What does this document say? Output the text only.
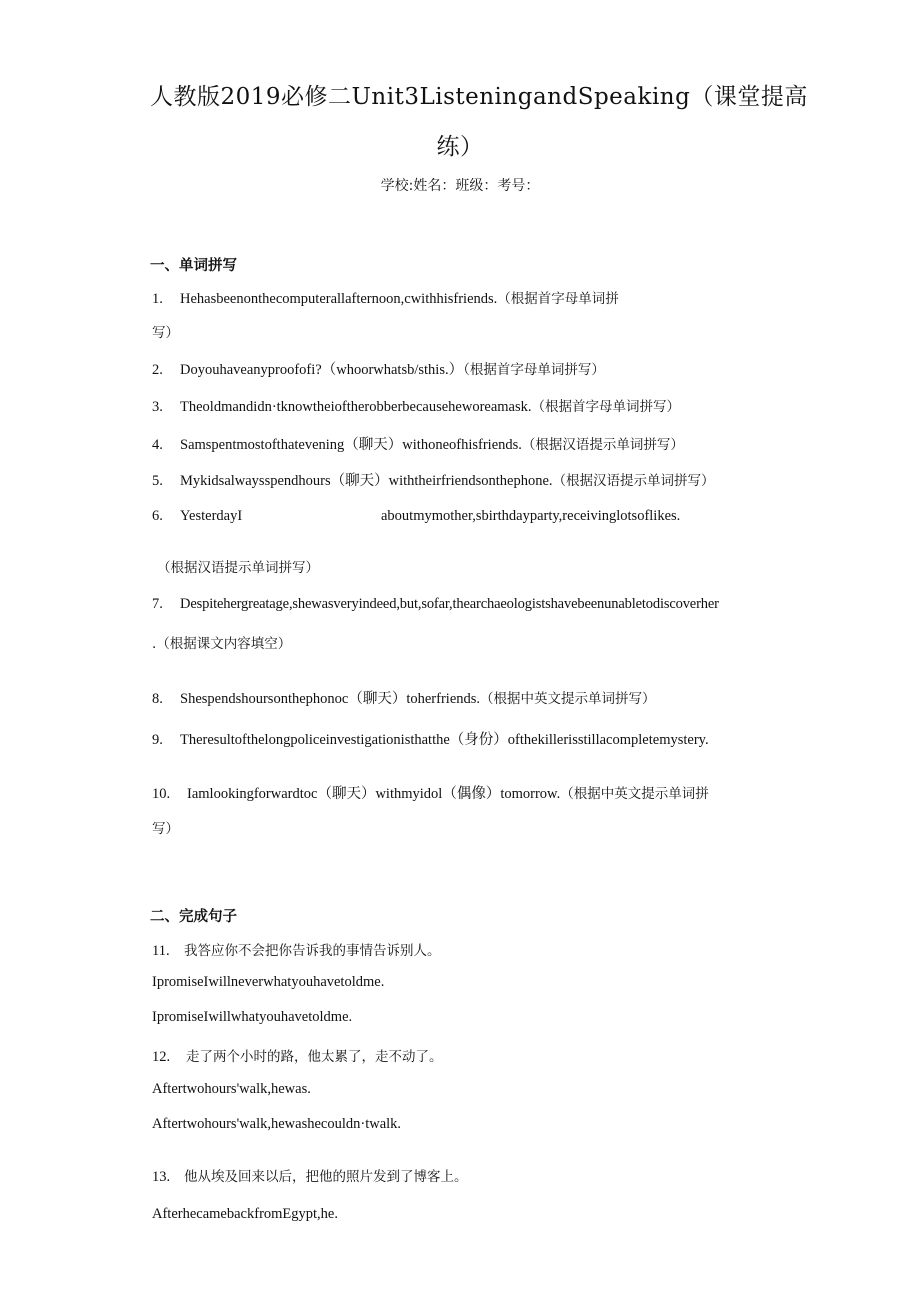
人教版2019必修二Unit3ListeningandSpeaking（课堂提高
练）
学校:姓名：班级：考号：
一、单词拼写
1. Hehasbeenonthecomputerallafternoon,cwithhisfriends.（根据首字母单词拼
写）
2. Doyouhaveanyproofofi?（whoorwhatsb/sthis.）（根据首字母单词拼写）
3. Theoldmandidn·tknowtheioftherobberbecauseheworeamask.（根据首字母单词拼写）
4. Samspentmostofthatevening（聊天）withoneofhisfriends.（根据汉语提示单词拼写）
5. Mykidsalwaysspendhours（聊天）withtheirfriendsonthephone.（根据汉语提示单词拼写）
6. YesterdayI	aboutmymother,sbirthdayparty,receivinglotsoflikes.
（根据汉语提示单词拼写）
7. Despitehergreatage,shewasveryindeed,but,sofar,thearchaeologistshavebeenunabletodiscoverher
.（根据课文内容填空）
8. Shespendshoursonthephonoc（聊天）toherfriends.（根据中英文提示单词拼写）
9. Theresultofthelongpoliceinvestigationisthatthe（身份）ofthekillerisstillacompletemystery.
10. Iamlookingforwardtoc（聊天）withmyidol（偶像）tomorrow.（根据中英文提示单词拼
写）
二、完成句子
11. 我答应你不会把你告诉我的事情告诉别人。
IpromiseIwillneverwhatyouhavetoldme.
IpromiseIwillwhatyouhavetoldme.
12. 走了两个小时的路，他太累了，走不动了。
Aftertwohours'walk,hewas.
Aftertwohours'walk,hewashecouldn·twalk.
13. 他从埃及回来以后，把他的照片发到了博客上。
AfterhecamebackfromEgypt,he.
